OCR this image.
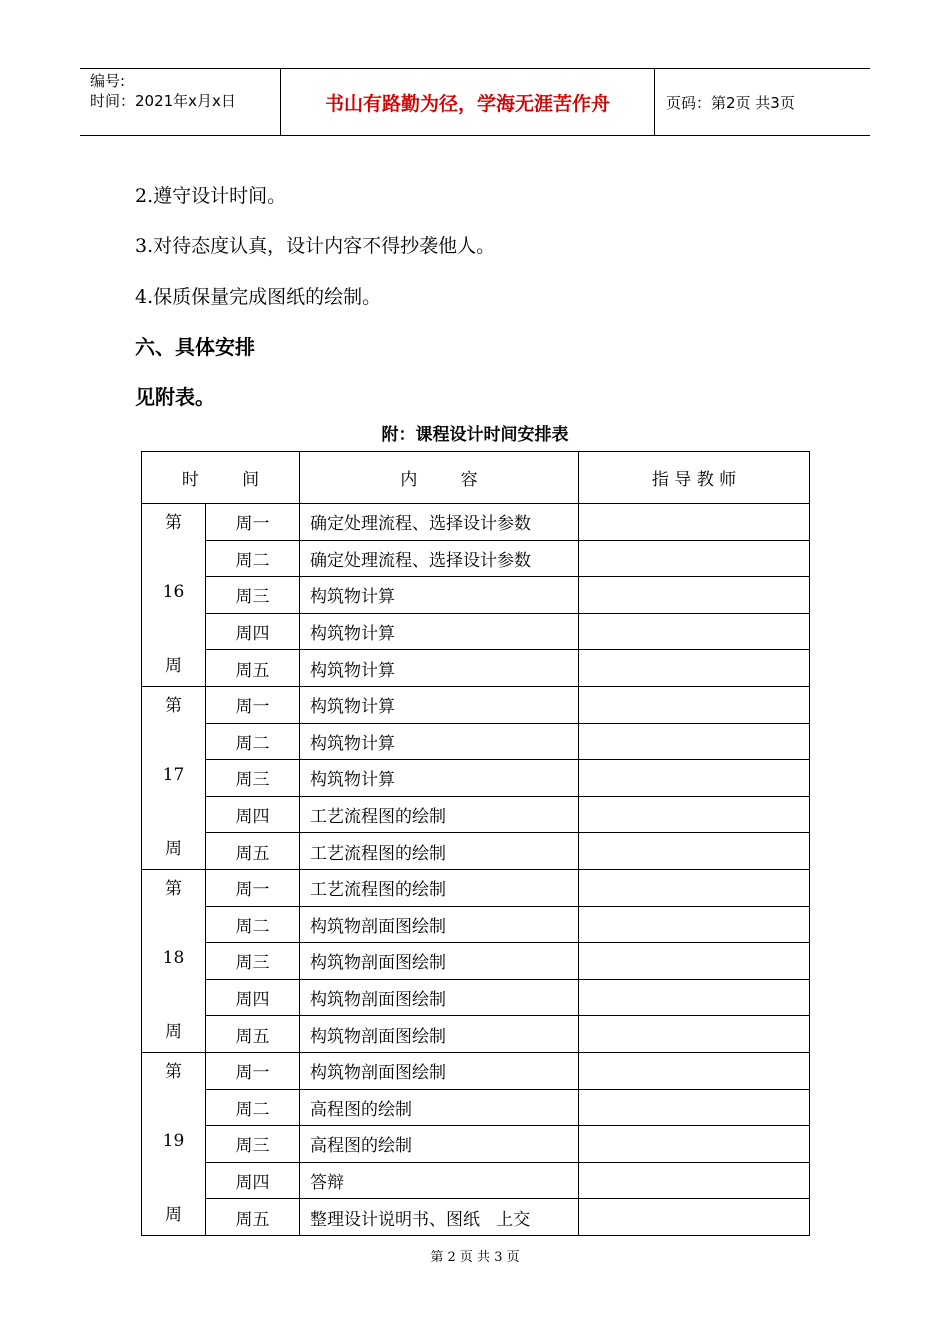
编号:
时间：2021年x月x日	书山有路勤为径，学海无涯苦作舟	页码：第2页 共3页
2.遵守设计时间。
3.对待态度认真，设计内容不得抄袭他人。
4.保质保量完成图纸的绘制。
六、具体安排
见附表。
附：课程设计时间安排表
时        间		内        容	指 导 教 师

第
16
周	周一	确定处理流程、选择设计参数	
	周二	确定处理流程、选择设计参数	
	周三	构筑物计算	
	周四	构筑物计算	
	周五	构筑物计算	

第
17
周	周一	构筑物计算	
	周二	构筑物计算	
	周三	构筑物计算	
	周四	工艺流程图的绘制	
	周五	工艺流程图的绘制	

第
18
周	周一	工艺流程图的绘制	
	周二	构筑物剖面图绘制	
	周三	构筑物剖面图绘制	
	周四	构筑物剖面图绘制	
	周五	构筑物剖面图绘制	

第
19
周	周一	构筑物剖面图绘制	
	周二	高程图的绘制	
	周三	高程图的绘制	
	周四	答辩	
	周五	整理设计说明书、图纸   上交	
第 2 页 共 3 页
